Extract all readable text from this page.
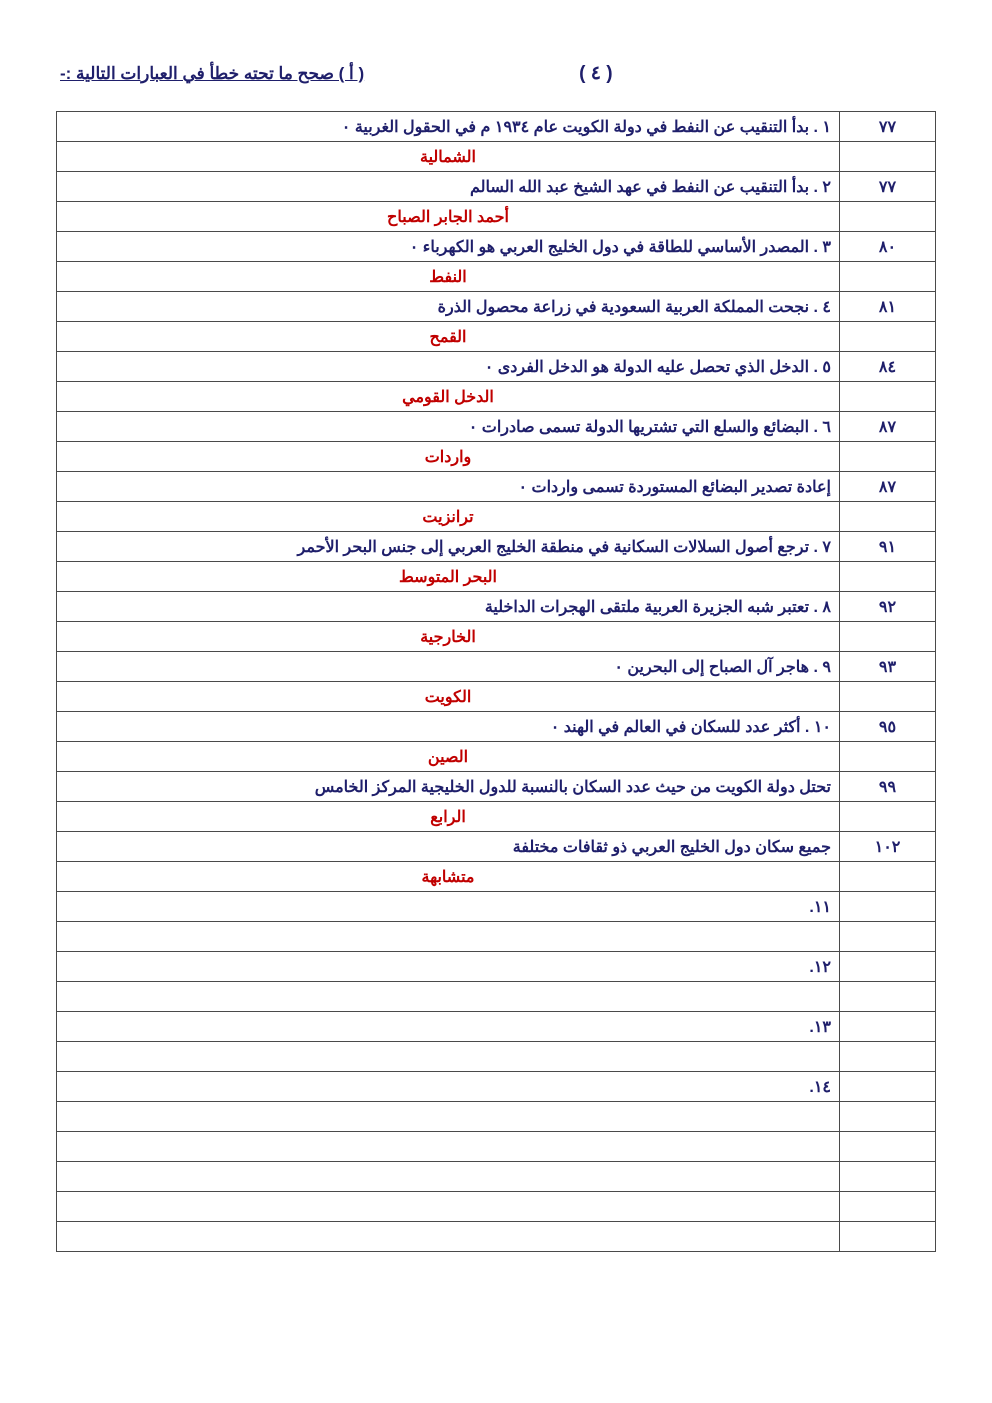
( أ ) صحح ما تحته خطأ في العبارات التالية :-	( ٤ )
٧٧	١ . بدأ التنقيب عن النفط في دولة الكويت عام ١٩٣٤ م في الحقول الغربية ٠
	الشمالية
٧٧	٢ . بدأ التنقيب عن النفط في عهد الشيخ عبد الله السالم
	أحمد الجابر الصباح
٨٠	٣ . المصدر الأساسي للطاقة في دول الخليج العربي هو الكهرباء ٠
	النفط
٨١	٤ . نجحت المملكة العربية السعودية في زراعة محصول الذرة
	القمح
٨٤	٥ . الدخل الذي تحصل عليه الدولة هو الدخل الفردى ٠
	الدخل القومي
٨٧	٦ . البضائع والسلع التي تشتريها الدولة تسمى صادرات ٠
	واردات
٨٧	إعادة تصدير البضائع المستوردة تسمى واردات ٠
	ترانزيت
٩١	٧ . ترجع أصول السلالات السكانية في منطقة الخليج العربي إلى جنس البحر الأحمر
	البحر المتوسط
٩٢	٨ . تعتبر شبه الجزيرة العربية ملتقى الهجرات الداخلية
	الخارجية
٩٣	٩ . هاجر آل الصباح إلى البحرين ٠
	الكويت
٩٥	١٠ . أكثر عدد للسكان في العالم في الهند ٠
	الصين
٩٩	تحتل دولة الكويت من حيث عدد السكان بالنسبة للدول الخليجية المركز الخامس
	الرابع
١٠٢	جميع سكان دول الخليج العربي ذو ثقافات مختلفة
	متشابهة
	١١.

	١٢.

	١٣.

	١٤.
